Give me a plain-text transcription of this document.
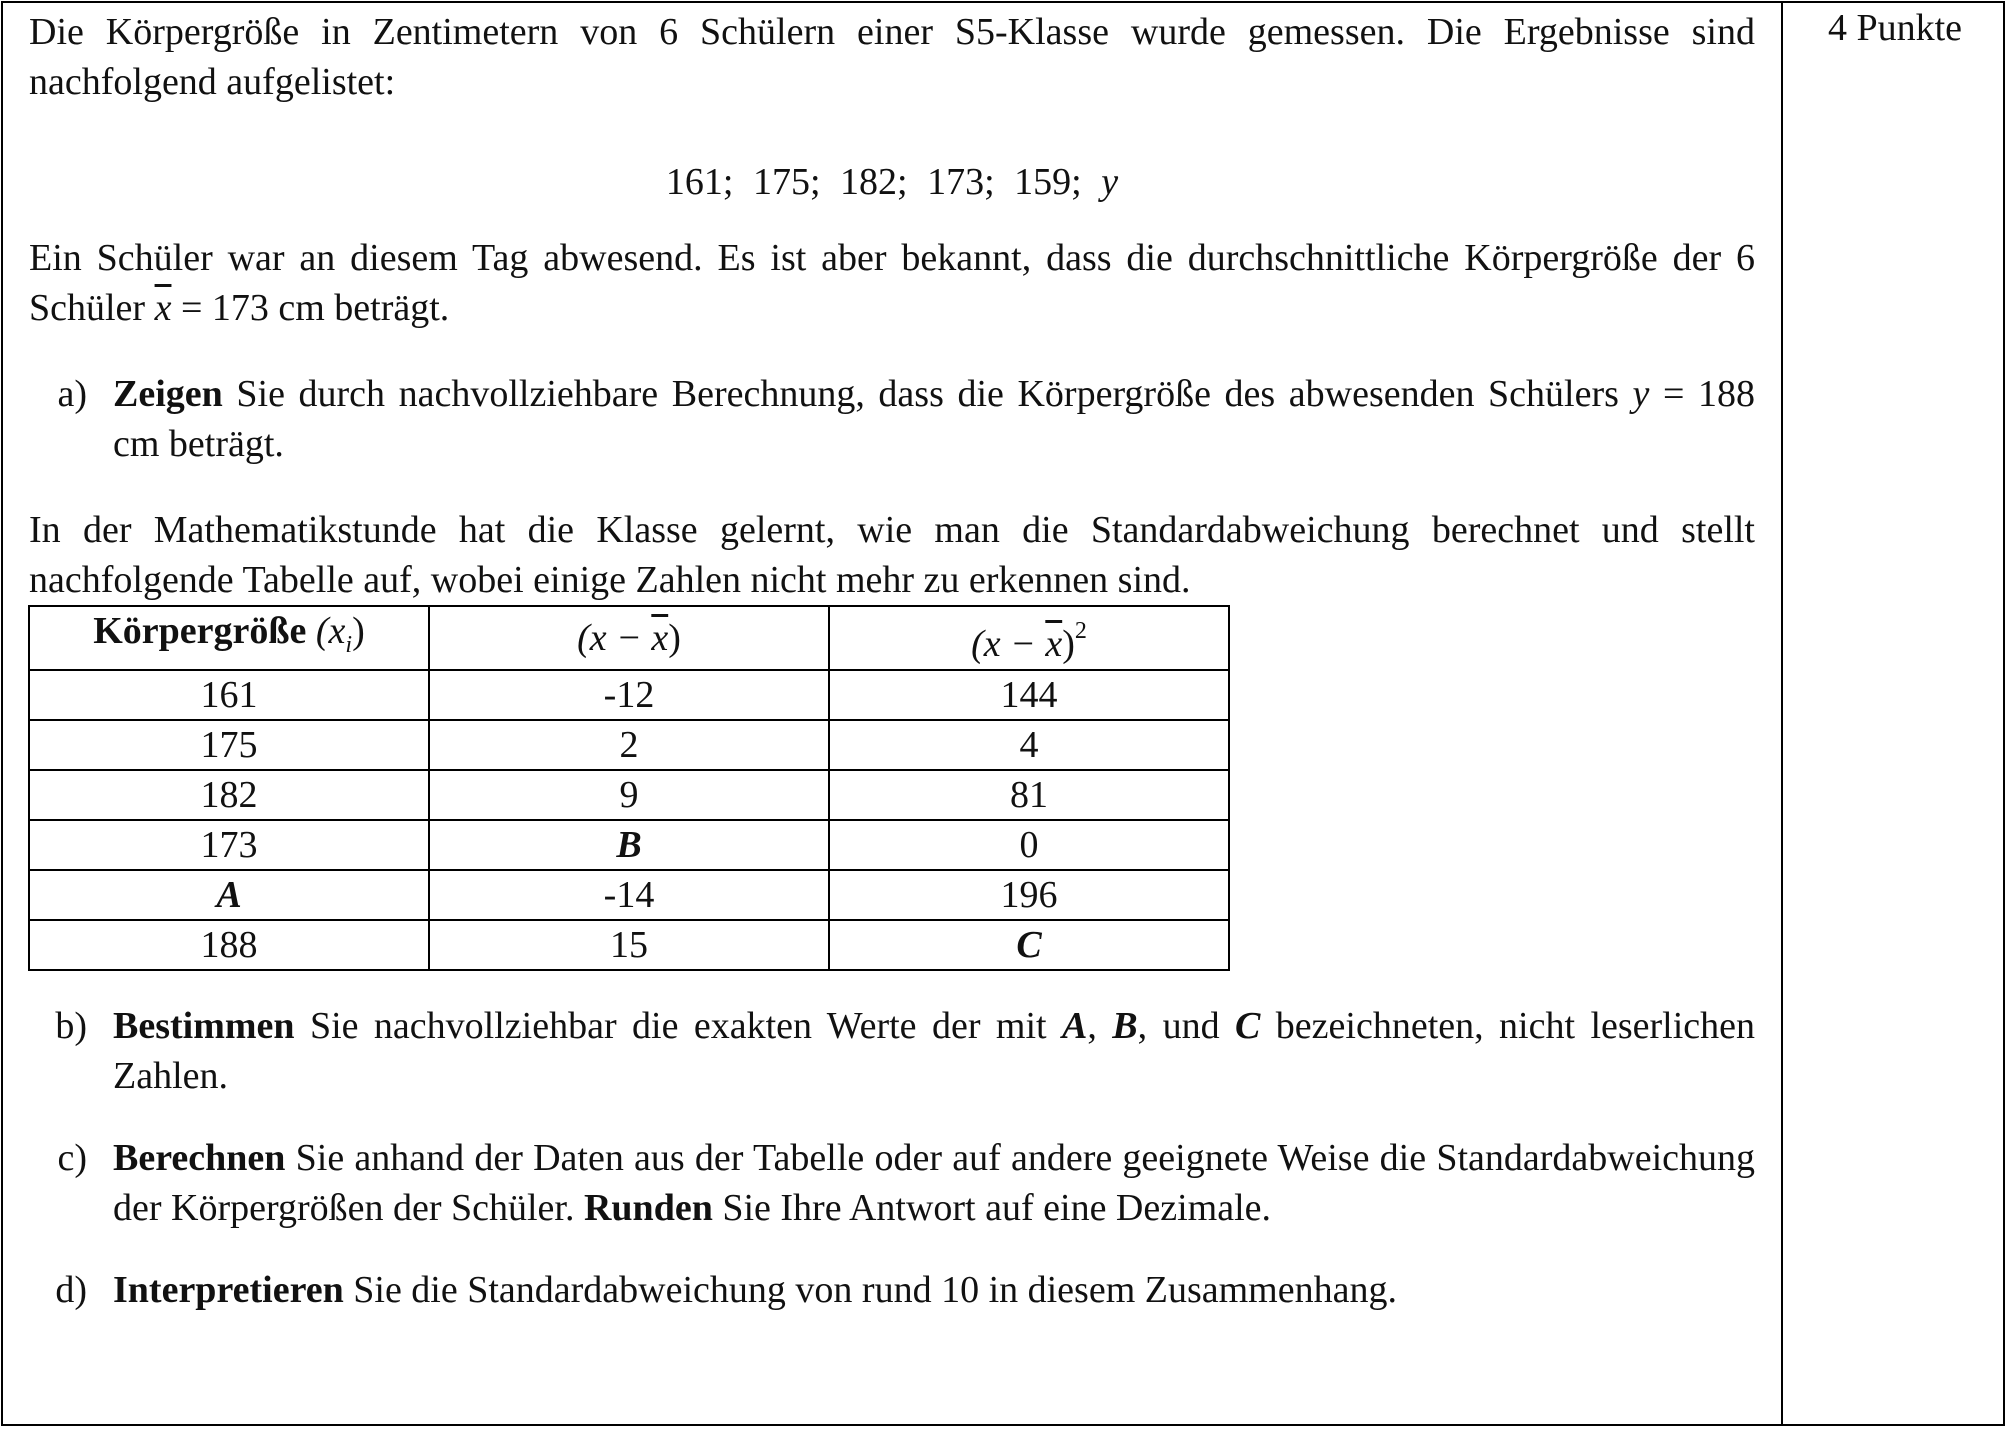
4 Punkte

Die Körpergröße in Zentimetern von 6 Schülern einer S5-Klasse wurde gemessen. Die Ergebnisse sind nachfolgend aufgelistet:

161; 175; 182; 173; 159; y

Ein Schüler war an diesem Tag abwesend. Es ist aber bekannt, dass die durchschnittliche Körpergröße der 6 Schüler $\overline{x} = 173$ cm beträgt.

a) Zeigen Sie durch nachvollziehbare Berechnung, dass die Körpergröße des abwesenden Schülers y = 188 cm beträgt.

In der Mathematikstunde hat die Klasse gelernt, wie man die Standardabweichung berechnet und stellt nachfolgende Tabelle auf, wobei einige Zahlen nicht mehr zu erkennen sind.

Körpergröße $(x_i)$	$(x - \overline{x})$	$(x - \overline{x})^2$
161	-12	144
175	2	4
182	9	81
173	B	0
A	-14	196
188	15	C
b) Bestimmen Sie nachvollziehbar die exakten Werte der mit A, B, und C bezeichneten, nicht leserlichen Zahlen.
c) Berechnen Sie anhand der Daten aus der Tabelle oder auf andere geeignete Weise die Standardabweichung der Körpergrößen der Schüler. Runden Sie Ihre Antwort auf eine Dezimale.
d) Interpretieren Sie die Standardabweichung von rund 10 in diesem Zusammenhang.
